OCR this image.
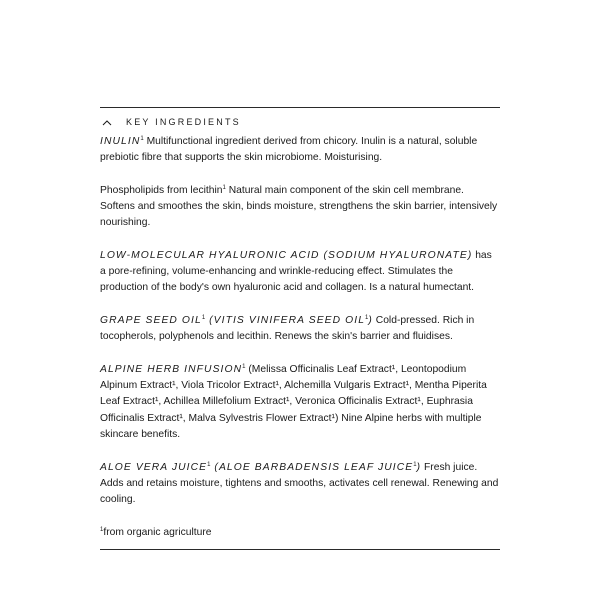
KEY INGREDIENTS

INULIN$^1$ Multifunctional ingredient derived from chicory. Inulin is a natural, soluble prebiotic fibre that supports the skin microbiome. Moisturising.

Phospholipids from lecithin$^1$ Natural main component of the skin cell membrane. Softens and smoothes the skin, binds moisture, strengthens the skin barrier, intensively nourishing.

LOW-MOLECULAR HYALURONIC ACID (SODIUM HYALURONATE) has a pore-refining, volume-enhancing and wrinkle-reducing effect. Stimulates the production of the body's own hyaluronic acid and collagen. Is a natural humectant.

GRAPE SEED OIL$^1$ (VITIS VINIFERA SEED OIL$^1$) Cold-pressed. Rich in tocopherols, polyphenols and lecithin. Renews the skin's barrier and fluidises.

ALPINE HERB INFUSION$^1$ (Melissa Officinalis Leaf Extract¹, Leontopodium Alpinum Extract¹, Viola Tricolor Extract¹, Alchemilla Vulgaris Extract¹, Mentha Piperita Leaf Extract¹, Achillea Millefolium Extract¹, Veronica Officinalis Extract¹, Euphrasia Officinalis Extract¹, Malva Sylvestris Flower Extract¹) Nine Alpine herbs with multiple skincare benefits.

ALOE VERA JUICE$^1$ (ALOE BARBADENSIS LEAF JUICE$^1$) Fresh juice. Adds and retains moisture, tightens and smooths, activates cell renewal. Renewing and cooling.

$^1$from organic agriculture
